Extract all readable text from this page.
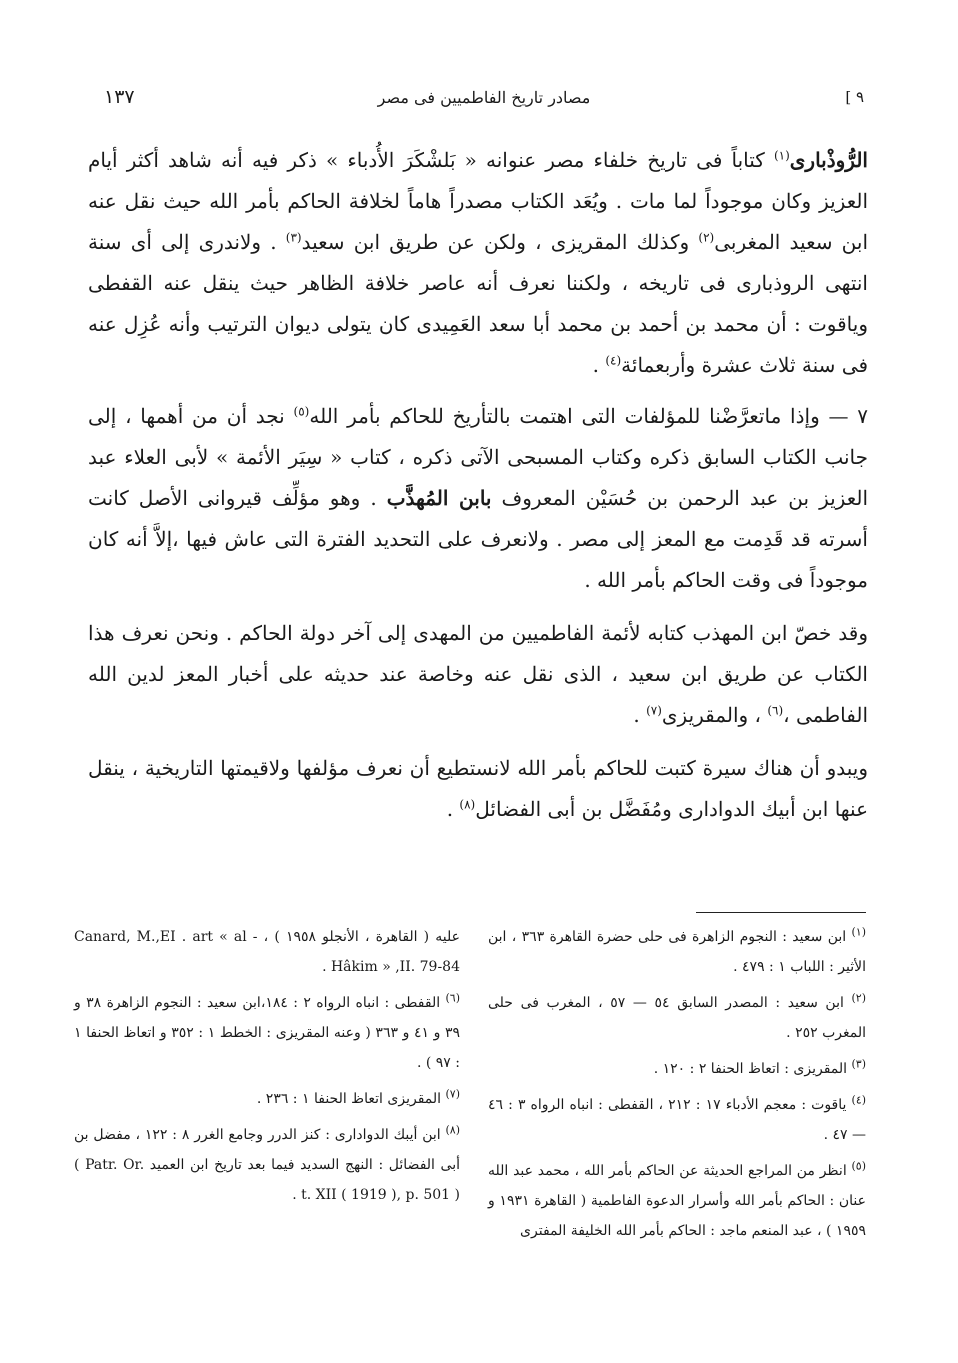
١٣٧	مصادر تاريخ الفاطميين فى مصر	[ ٩

الرُّوذْبارى$^{(١)}$ كتاباً فى تاريخ خلفاء مصر عنوانه « بَلشْكَرَ الأُدباء » ذكر فيه أنه شاهد أكثر أيام العزيز وكان موجوداً لما مات . ويُعَد الكتاب مصدراً هاماً لخلافة الحاكم بأمر الله حيث نقل عنه ابن سعيد المغربى$^{(٢)}$ وكذلك المقريزى ، ولكن عن طريق ابن سعيد$^{(٣)}$ . ولاندرى إلى أى سنة انتهى الروذبارى فى تاريخه ، ولكننا نعرف أنه عاصر خلافة الظاهر حيث ينقل عنه القفطى وياقوت : أن محمد بن أحمد بن محمد أبا سعد العَمِيدى كان يتولى ديوان الترتيب وأنه عُزِل عنه فى سنة ثلاث عشرة وأربعمائة$^{(٤)}$ .

٧ — وإذا ماتعرَّضْنا للمؤلفات التى اهتمت بالتأريخ للحاكم بأمر الله$^{(٥)}$ نجد أن من أهمها ، إلى جانب الكتاب السابق ذكره وكتاب المسبحى الآتى ذكره ، كتاب « سِيَر الأئمة » لأبى العلاء عبد العزيز بن عبد الرحمن بن حُسَيْن المعروف بابن المُهذَّب . وهو مؤلِّف قيروانى الأصل كانت أسرته قد قَدِمت مع المعز إلى مصر . ولانعرف على التحديد الفترة التى عاش فيها ،إلاَّ أنه كان موجوداً فى وقت الحاكم بأمر الله .

وقد خصّ ابن المهذب كتابه لأئمة الفاطميين من المهدى إلى آخر دولة الحاكم . ونحن نعرف هذا الكتاب عن طريق ابن سعيد ، الذى نقل عنه وخاصة عند حديثه على أخبار المعز لدين الله الفاطمى ،$^{(٦)}$ ، والمقريزى$^{(٧)}$ .

ويبدو أن هناك سيرة كتبت للحاكم بأمر الله لانستطيع أن نعرف مؤلفها ولاقيمتها التاريخية ، ينقل عنها ابن أبيك الدوادارى ومُفَضَّل بن أبى الفضائل$^{(٨)}$ .

$^{(١)}$ ابن سعيد : النجوم الزاهرة فى حلى حضرة القاهرة ٣٦٣ ، ابن الأثير : اللباب ١ : ٤٧٩ .

$^{(٢)}$ ابن سعيد : المصدر السابق ٥٤ — ٥٧ ، المغرب فى حلى المغرب ٢٥٢ .

$^{(٣)}$ المقريزى : اتعاظ الحنفا ٢ : ١٢٠ .

$^{(٤)}$ ياقوت : معجم الأدباء ١٧ : ٢١٢ ، القفطى : انباه الرواه ٣ : ٤٦ — ٤٧ .

$^{(٥)}$ انظر من المراجع الحديثة عن الحاكم بأمر الله ، محمد عبد الله عنان : الحاكم بأمر الله وأسرار الدعوة الفاطمية ( القاهرة ١٩٣١ و ١٩٥٩ ) ، عبد المنعم ماجد : الحاكم بأمر الله الخليفة المفترى

عليه ( القاهرة ، الأنجلو ١٩٥٨ ) ، Canard, M.,EI . art « al - Hâkim » ,II. 79-84 .

$^{(٦)}$ القفطى : انباه الرواه ٢ : ١٨٤،ابن سعيد : النجوم الزاهرة ٣٨ و ٣٩ و ٤١ و ٣٦٣ ( وعنه المقريزى : الخطط ١ : ٣٥٢ و اتعاظ الحنفا ١ : ٩٧ ) .

$^{(٧)}$ المقريزى اتعاظ الحنفا ١ : ٢٣٦ .

$^{(٨)}$ ابن أيبك الدوادارى : كنز الدرر وجامع الغرر ٨ : ١٢٢ ، مفضل بن أبى الفضائل : النهج السديد فيما بعد تاريخ ابن العميد ( Patr. Or. t. XII ( 1919 ), p. 501 ) .
